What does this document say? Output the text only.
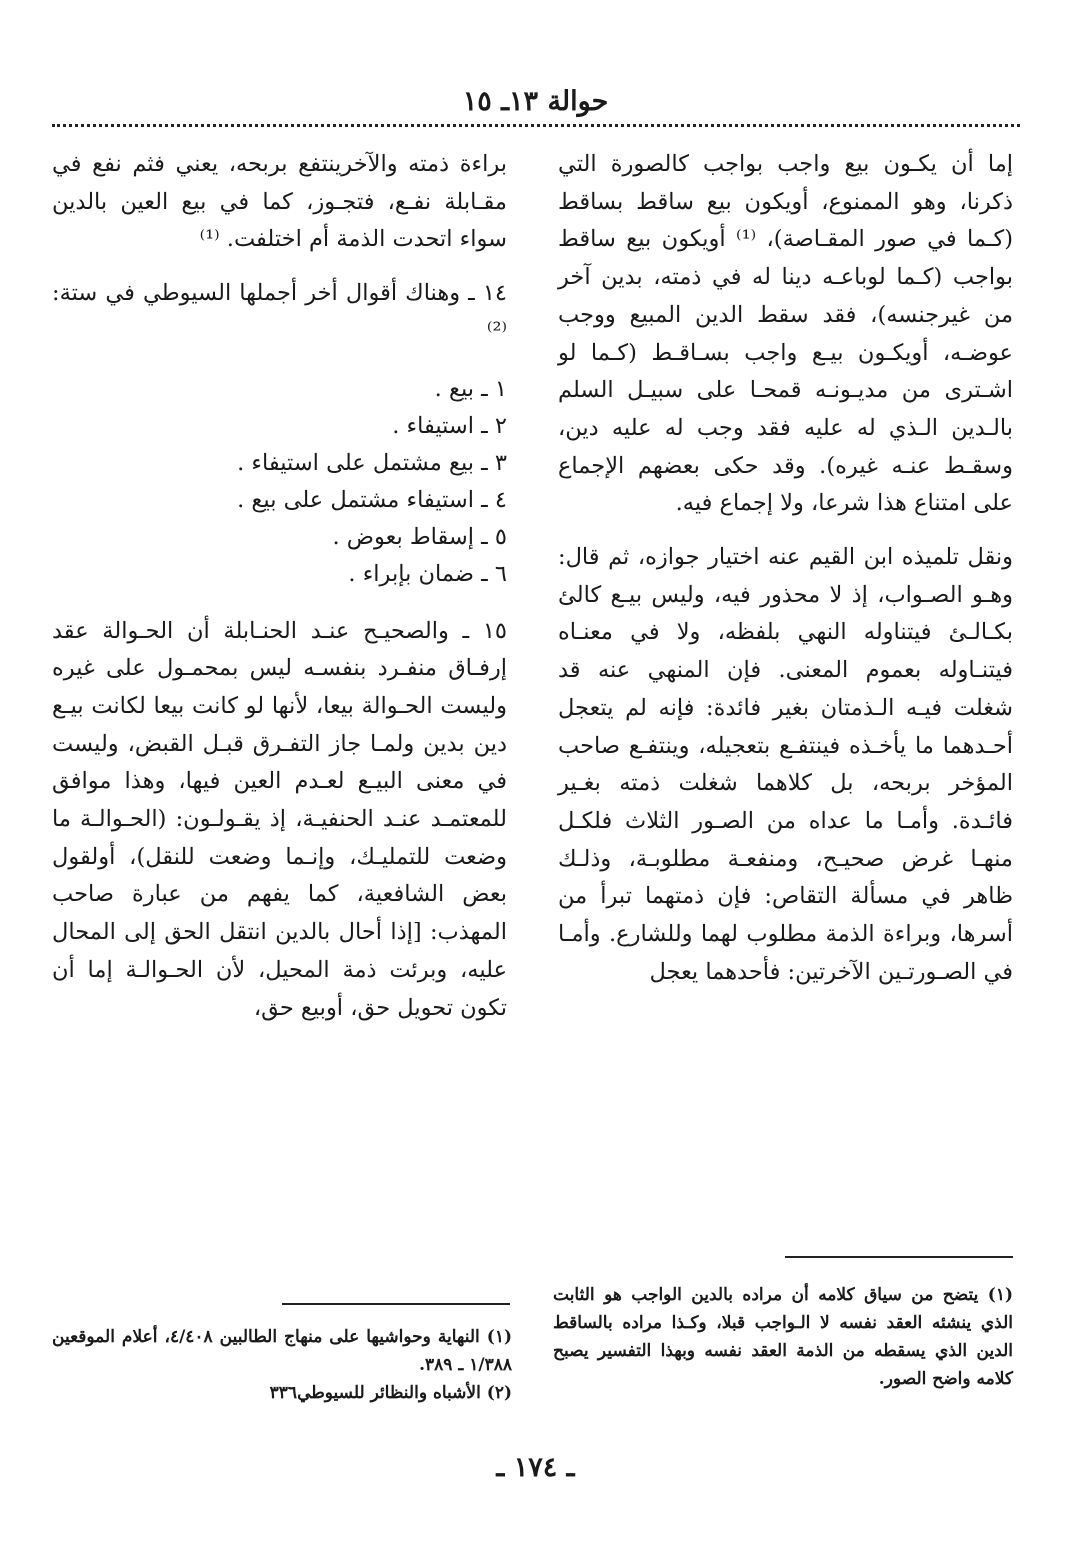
حوالة ١٣ـ ١٥

إما أن يكـون بيع واجب بواجب كالصورة التي ذكرنا، وهو الممنوع، أويكون بيع ساقط بساقط (كـما في صور المقـاصة)، ⁽¹⁾ أويكون بيع ساقط بواجب (كـما لوباعـه دينا له في ذمته، بدين آخر من غيرجنسه)، فقد سقط الدين المبيع ووجب عوضـه، أويكـون بيـع واجب بسـاقـط (كـما لو اشـترى من مديـونـه قمحـا على سبيـل السلم بالـدين الـذي له عليه فقد وجب له عليه دين، وسقـط عنـه غيره). وقد حكى بعضهم الإجماع على امتناع هذا شرعا، ولا إجماع فيه.

ونقل تلميذه ابن القيم عنه اختيار جوازه، ثم قال: وهـو الصـواب، إذ لا محذور فيه، وليس بيـع كالئ بكـالـئ فيتناوله النهي بلفظه، ولا في معنـاه فيتنـاوله بعموم المعنى. فإن المنهي عنه قد شغلت فيـه الـذمتان بغير فائدة: فإنه لم يتعجل أحـدهما ما يأخـذه فينتفـع بتعجيله، وينتفـع صاحب المؤخر بربحه، بل كلاهما شغلت ذمته بغـير فائـدة. وأمـا ما عداه من الصـور الثلاث فلكـل منهـا غرض صحيـح، ومنفعـة مطلوبـة، وذلـك ظاهر في مسألة التقاص: فإن ذمتهما تبرأ من أسرها، وبراءة الذمة مطلوب لهما وللشارع. وأمـا في الصـورتـين الآخرتين: فأحدهما يعجل

براءة ذمته والآخرينتفع بربحه، يعني فثم نفع في مقـابلة نفـع، فتجـوز، كما في بيع العين بالدين سواء اتحدت الذمة أم اختلفت. ⁽¹⁾

١٤ ـ وهناك أقوال أخر أجملها السيوطي في ستة: ⁽²⁾

١ ـ بيع .
٢ ـ استيفاء .
٣ ـ بيع مشتمل على استيفاء .
٤ ـ استيفاء مشتمل على بيع .
٥ ـ إسقاط بعوض .
٦ ـ ضمان بإبراء .

١٥ ـ والصحيـح عنـد الحنـابلة أن الحـوالة عقد إرفـاق منفـرد بنفسـه ليس بمحمـول على غيره وليست الحـوالة بيعا، لأنها لو كانت بيعا لكانت بيـع دين بدين ولمـا جاز التفـرق قبـل القبض، وليست في معنى البيـع لعـدم العين فيها، وهذا موافق للمعتمـد عنـد الحنفيـة، إذ يقـولـون: (الحـوالـة ما وضعت للتمليـك، وإنـما وضعت للنقل)، أولقول بعض الشافعية، كما يفهم من عبارة صاحب المهذب: [إذا أحال بالدين انتقل الحق إلى المحال عليه، وبرئت ذمة المحيل، لأن الحـوالـة إما أن تكون تحويل حق، أوبيع حق،

(١) يتضح من سياق كلامه أن مراده بالدين الواجب هو الثابت الذي ينشئه العقد نفسه لا الـواجب قبلا، وكـذا مراده بالساقط الدين الذي يسقطه من الذمة العقد نفسه وبهذا التفسير يصبح كلامه واضح الصور.

(١) النهاية وحواشيها على منهاج الطالبين ٤/٤٠٨، أعلام الموقعين ١/٣٨٨ ـ ٣٨٩.

(٢) الأشباه والنظائر للسيوطي٣٣٦

ـ ١٧٤ ـ
